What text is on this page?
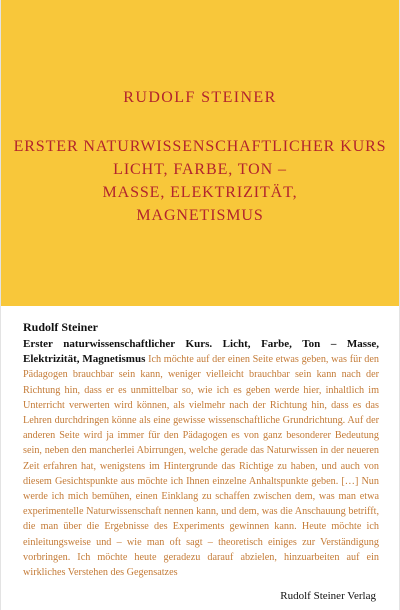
RUDOLF STEINER
ERSTER NATURWISSENSCHAFTLICHER KURS
LICHT, FARBE, TON –
MASSE, ELEKTRIZITÄT,
MAGNETISMUS
Rudolf Steiner
Erster naturwissenschaftlicher Kurs. Licht, Farbe, Ton – Masse, Elektrizität, Magnetismus Ich möchte auf der einen Seite etwas geben, was für den Pädagogen brauchbar sein kann, weniger vielleicht brauchbar sein kann nach der Richtung hin, dass er es unmittelbar so, wie ich es geben werde hier, inhaltlich im Unterricht verwerten wird können, als vielmehr nach der Richtung hin, dass es das Lehren durchdringen könne als eine gewisse wissenschaftliche Grundrichtung. Auf der anderen Seite wird ja immer für den Pädagogen es von ganz besonderer Bedeutung sein, neben den mancherlei Abirrungen, welche gerade das Naturwissen in der neueren Zeit erfahren hat, wenigstens im Hintergrunde das Richtige zu haben, und auch von diesem Gesichtspunkte aus möchte ich Ihnen einzelne Anhaltspunkte geben. […] Nun werde ich mich bemühen, einen Einklang zu schaffen zwischen dem, was man etwa experimentelle Naturwissenschaft nennen kann, und dem, was die Anschauung betrifft, die man über die Ergebnisse des Experiments gewinnen kann. Heute möchte ich einleitungsweise und – wie man oft sagt – theoretisch einiges zur Verständigung vorbringen. Ich möchte heute geradezu darauf abzielen, hinzuarbeiten auf ein wirkliches Verstehen des Gegensatzes
Rudolf Steiner Verlag
